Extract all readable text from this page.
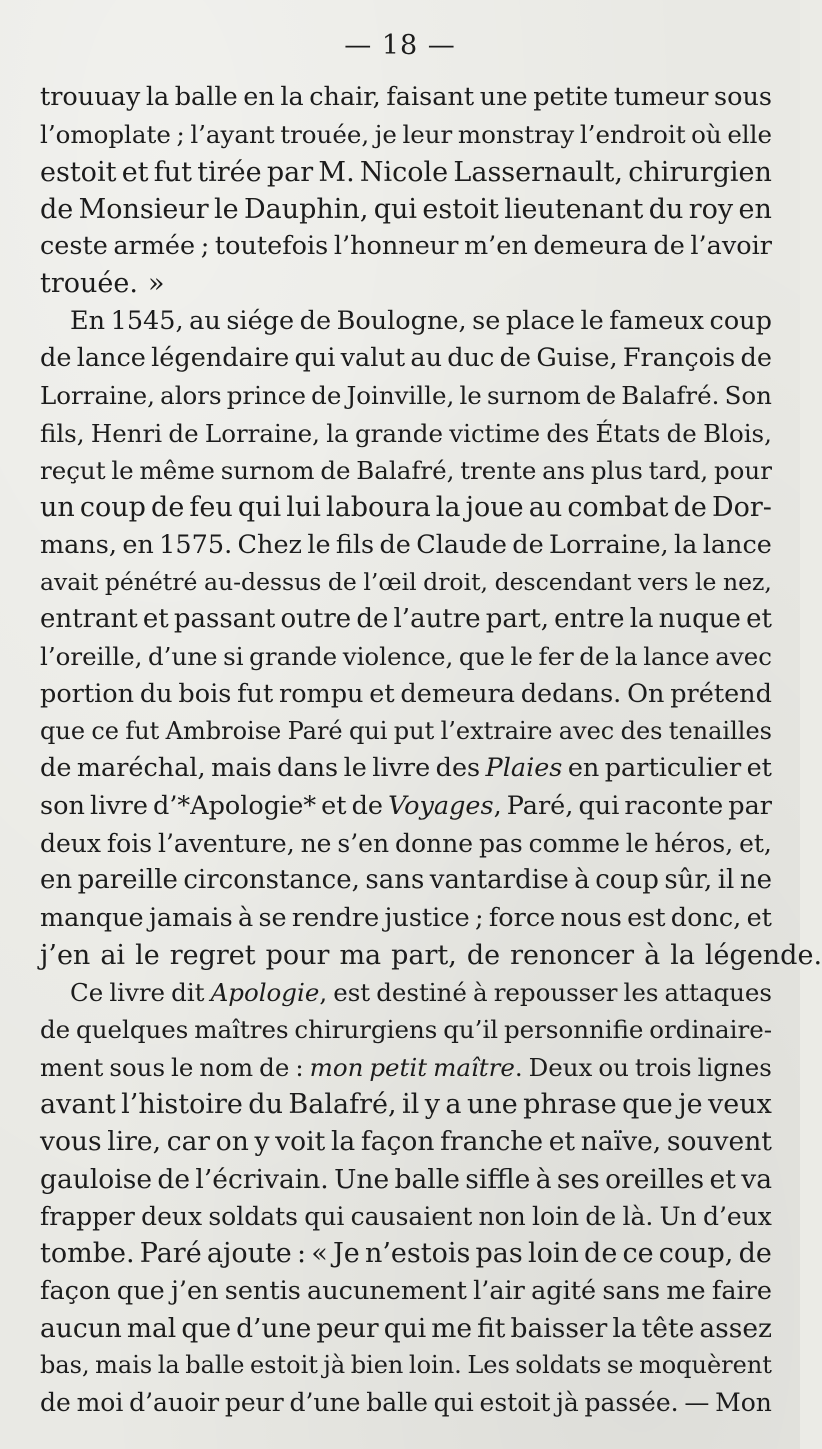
— 18 —
trouuay la balle en la chair, faisant une petite tumeur sous
l’omoplate ; l’ayant trouée, je leur monstray l’endroit où elle
estoit et fut tirée par M. Nicole Lassernault, chirurgien
de Monsieur le Dauphin, qui estoit lieutenant du roy en
ceste armée ; toutefois l’honneur m’en demeura de l’avoir
trouée. »
En 1545, au siége de Boulogne, se place le fameux coup
de lance légendaire qui valut au duc de Guise, François de
Lorraine, alors prince de Joinville, le surnom de Balafré. Son
fils, Henri de Lorraine, la grande victime des États de Blois,
reçut le même surnom de Balafré, trente ans plus tard, pour
un coup de feu qui lui laboura la joue au combat de Dor-
mans, en 1575. Chez le fils de Claude de Lorraine, la lance
avait pénétré au-dessus de l’œil droit, descendant vers le nez,
entrant et passant outre de l’autre part, entre la nuque et
l’oreille, d’une si grande violence, que le fer de la lance avec
portion du bois fut rompu et demeura dedans. On prétend
que ce fut Ambroise Paré qui put l’extraire avec des tenailles
de maréchal, mais dans le livre des Plaies en particulier et
son livre d’*Apologie* et de Voyages, Paré, qui raconte par
deux fois l’aventure, ne s’en donne pas comme le héros, et,
en pareille circonstance, sans vantardise à coup sûr, il ne
manque jamais à se rendre justice ; force nous est donc, et
j’en ai le regret pour ma part, de renoncer à la légende.
Ce livre dit Apologie, est destiné à repousser les attaques
de quelques maîtres chirurgiens qu’il personnifie ordinaire-
ment sous le nom de : mon petit maître. Deux ou trois lignes
avant l’histoire du Balafré, il y a une phrase que je veux
vous lire, car on y voit la façon franche et naïve, souvent
gauloise de l’écrivain. Une balle siffle à ses oreilles et va
frapper deux soldats qui causaient non loin de là. Un d’eux
tombe. Paré ajoute : « Je n’estois pas loin de ce coup, de
façon que j’en sentis aucunement l’air agité sans me faire
aucun mal que d’une peur qui me fit baisser la tête assez
bas, mais la balle estoit jà bien loin. Les soldats se moquèrent
de moi d’auoir peur d’une balle qui estoit jà passée. — Mon
